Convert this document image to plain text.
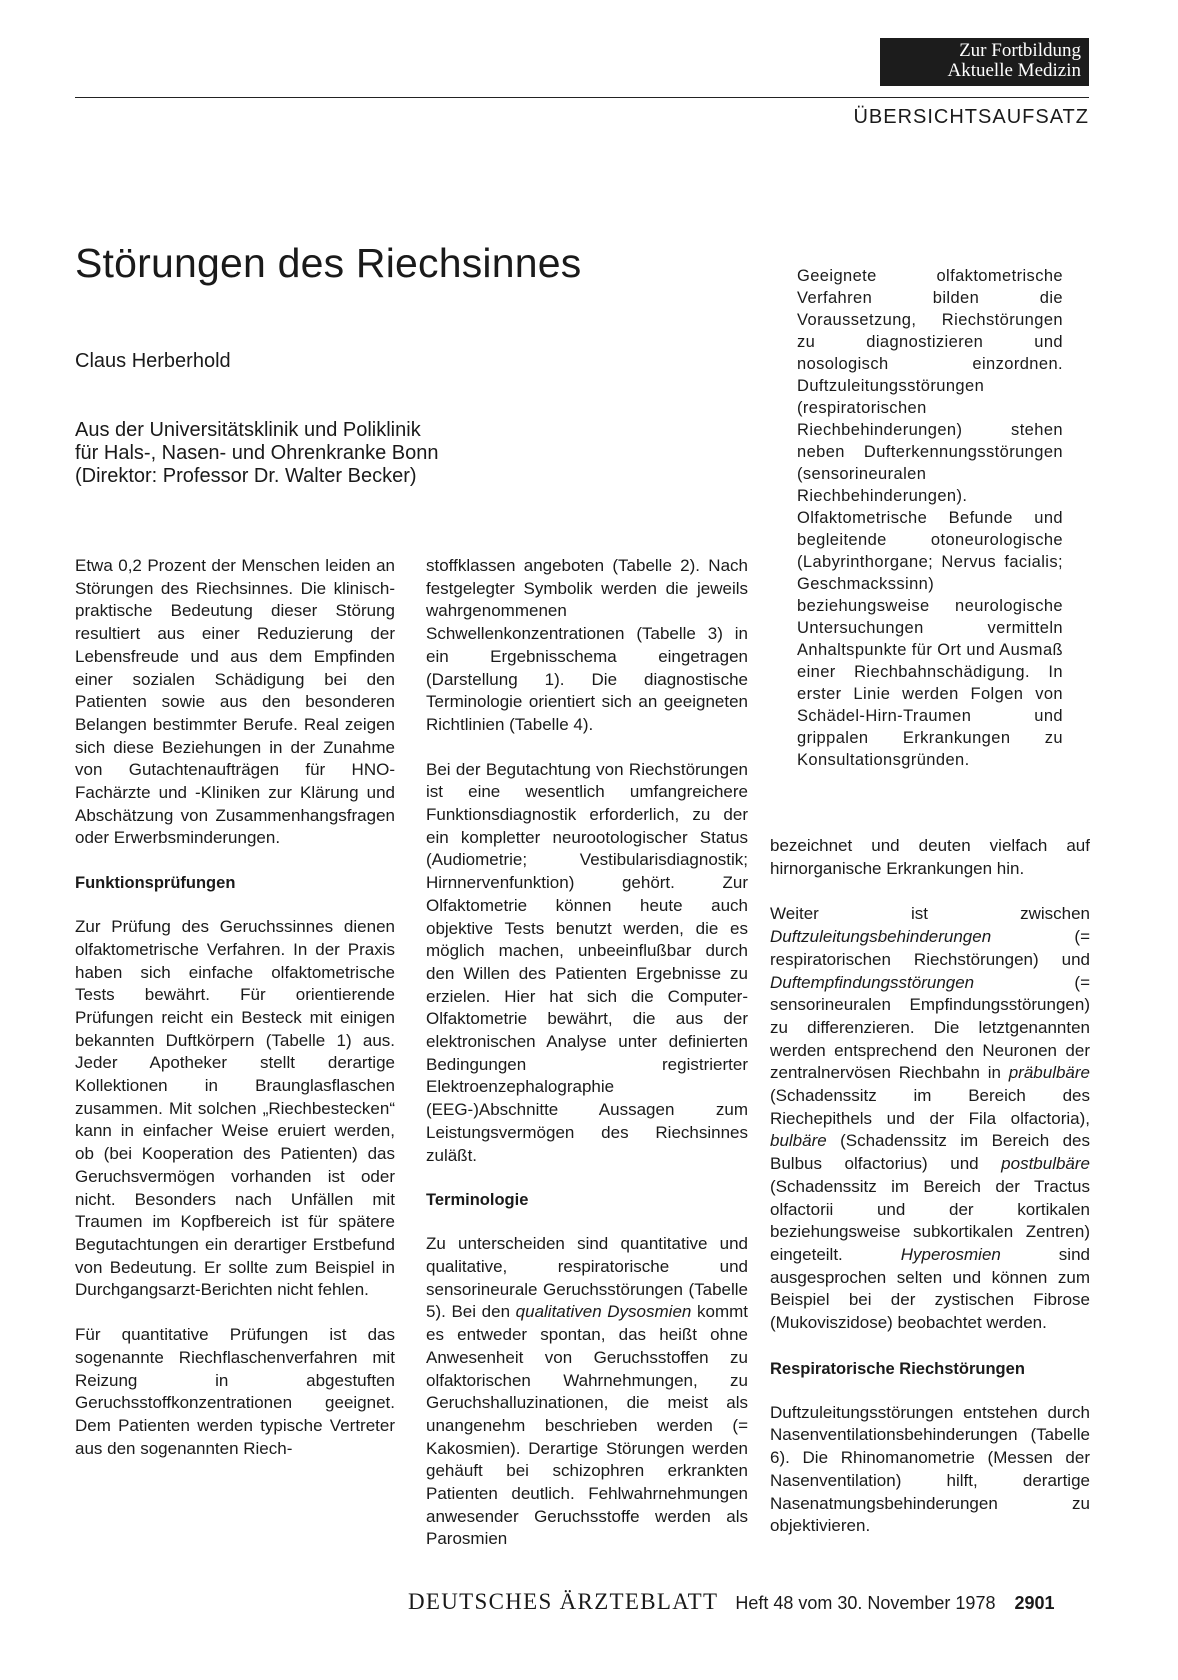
Zur Fortbildung
Aktuelle Medizin
ÜBERSICHTSAUFSATZ
Störungen des Riechsinnes
Claus Herberhold
Aus der Universitätsklinik und Poliklinik
für Hals-, Nasen- und Ohrenkranke Bonn
(Direktor: Professor Dr. Walter Becker)
Geeignete olfaktometrische Verfahren bilden die Voraussetzung, Riechstörungen zu diagnostizieren und nosologisch einzordnen. Duftzuleitungsstörungen (respiratorischen Riechbehinderungen) stehen neben Dufterkennungsstörungen (sensorineuralen Riechbehinderungen). Olfaktometrische Befunde und begleitende otoneurologische (Labyrinthorgane; Nervus facialis; Geschmackssinn) beziehungsweise neurologische Untersuchungen vermitteln Anhaltspunkte für Ort und Ausmaß einer Riechbahnschädigung. In erster Linie werden Folgen von Schädel-Hirn-Traumen und grippalen Erkrankungen zu Konsultationsgründen.

Etwa 0,2 Prozent der Menschen leiden an Störungen des Riechsinnes. Die klinisch-praktische Bedeutung dieser Störung resultiert aus einer Reduzierung der Lebensfreude und aus dem Empfinden einer sozialen Schädigung bei den Patienten sowie aus den besonderen Belangen bestimmter Berufe. Real zeigen sich diese Beziehungen in der Zunahme von Gutachtenaufträgen für HNO-Fachärzte und -Kliniken zur Klärung und Abschätzung von Zusammenhangsfragen oder Erwerbsminderungen.

Funktionsprüfungen

Zur Prüfung des Geruchssinnes dienen olfaktometrische Verfahren. In der Praxis haben sich einfache olfaktometrische Tests bewährt. Für orientierende Prüfungen reicht ein Besteck mit einigen bekannten Duftkörpern (Tabelle 1) aus. Jeder Apotheker stellt derartige Kollektionen in Braunglasflaschen zusammen. Mit solchen „Riechbestecken“ kann in einfacher Weise eruiert werden, ob (bei Kooperation des Patienten) das Geruchsvermögen vorhanden ist oder nicht. Besonders nach Unfällen mit Traumen im Kopfbereich ist für spätere Begutachtungen ein derartiger Erstbefund von Bedeutung. Er sollte zum Beispiel in Durchgangsarzt-Berichten nicht fehlen.

Für quantitative Prüfungen ist das sogenannte Riechflaschenverfahren mit Reizung in abgestuften Geruchsstoffkonzentrationen geeignet. Dem Patienten werden typische Vertreter aus den sogenannten Riech-

stoffklassen angeboten (Tabelle 2). Nach festgelegter Symbolik werden die jeweils wahrgenommenen Schwellenkonzentrationen (Tabelle 3) in ein Ergebnisschema eingetragen (Darstellung 1). Die diagnostische Terminologie orientiert sich an geeigneten Richtlinien (Tabelle 4).

Bei der Begutachtung von Riechstörungen ist eine wesentlich umfangreichere Funktionsdiagnostik erforderlich, zu der ein kompletter neurootologischer Status (Audiometrie; Vestibularisdiagnostik; Hirnnervenfunktion) gehört. Zur Olfaktometrie können heute auch objektive Tests benutzt werden, die es möglich machen, unbeeinflußbar durch den Willen des Patienten Ergebnisse zu erzielen. Hier hat sich die Computer-Olfaktometrie bewährt, die aus der elektronischen Analyse unter definierten Bedingungen registrierter Elektroenzephalographie (EEG-)Abschnitte Aussagen zum Leistungsvermögen des Riechsinnes zuläßt.

Terminologie

Zu unterscheiden sind quantitative und qualitative, respiratorische und sensorineurale Geruchsstörungen (Tabelle 5). Bei den qualitativen Dysosmien kommt es entweder spontan, das heißt ohne Anwesenheit von Geruchsstoffen zu olfaktorischen Wahrnehmungen, zu Geruchshalluzinationen, die meist als unangenehm beschrieben werden (= Kakosmien). Derartige Störungen werden gehäuft bei schizophren erkrankten Patienten deutlich. Fehlwahrnehmungen anwesender Geruchsstoffe werden als Parosmien

bezeichnet und deuten vielfach auf hirnorganische Erkrankungen hin.

Weiter ist zwischen Duftzuleitungsbehinderungen (= respiratorischen Riechstörungen) und Duftempfindungsstörungen (= sensorineuralen Empfindungsstörungen) zu differenzieren. Die letztgenannten werden entsprechend den Neuronen der zentralnervösen Riechbahn in präbulbäre (Schadenssitz im Bereich des Riechepithels und der Fila olfactoria), bulbäre (Schadenssitz im Bereich des Bulbus olfactorius) und postbulbäre (Schadenssitz im Bereich der Tractus olfactorii und der kortikalen beziehungsweise subkortikalen Zentren) eingeteilt. Hyperosmien sind ausgesprochen selten und können zum Beispiel bei der zystischen Fibrose (Mukoviszidose) beobachtet werden.

Respiratorische Riechstörungen

Duftzuleitungsstörungen entstehen durch Nasenventilationsbehinderungen (Tabelle 6). Die Rhinomanometrie (Messen der Nasenventilation) hilft, derartige Nasenatmungsbehinderungen zu objektivieren.

DEUTSCHES ÄRZTEBLATT Heft 48 vom 30. November 1978 2901
